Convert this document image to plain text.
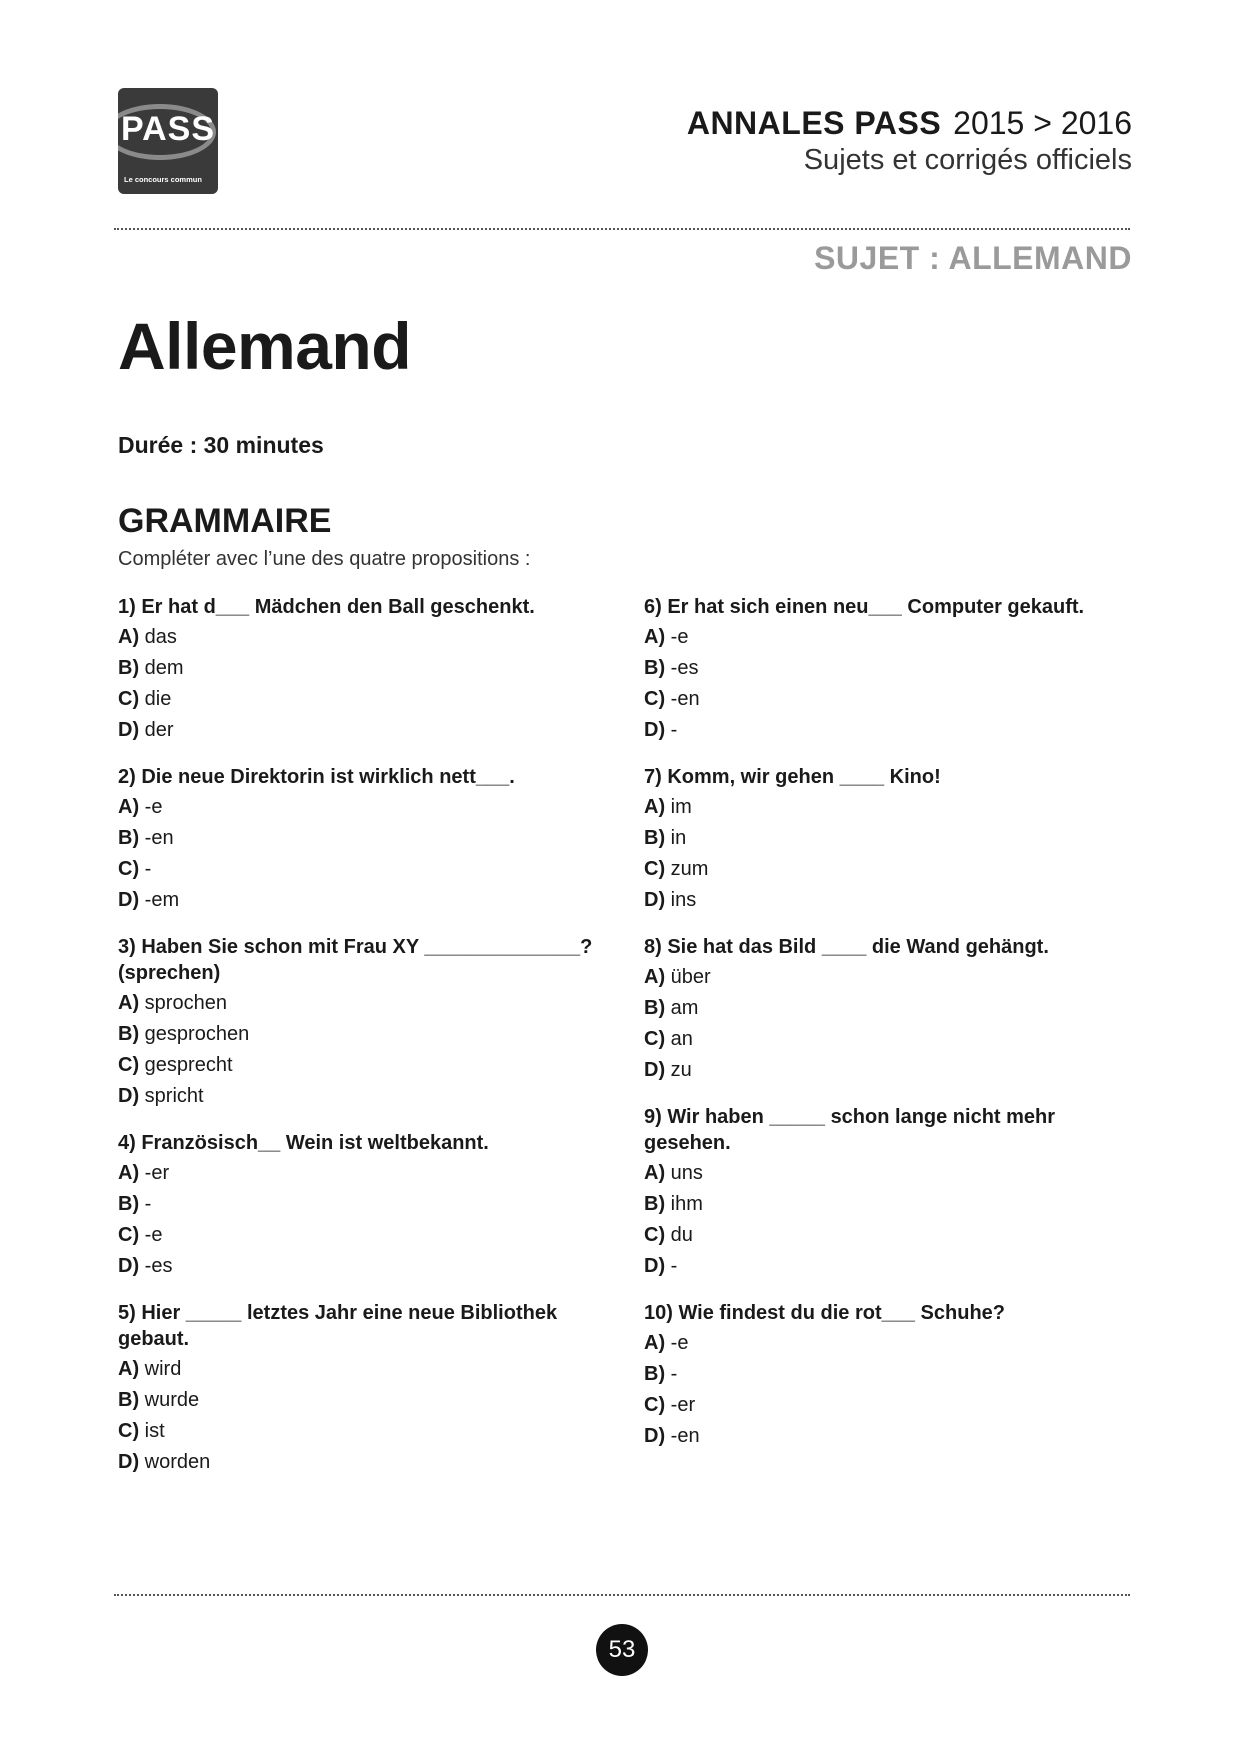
PASS
Le concours commun
ANNALES PASS 2015 > 2016
Sujets et corrigés officiels
SUJET : ALLEMAND
Allemand
Durée : 30 minutes
GRAMMAIRE
Compléter avec l’une des quatre propositions :
1) Er hat d___ Mädchen den Ball geschenkt.
A) das
B) dem
C) die
D) der
2) Die neue Direktorin ist wirklich nett___.
A) -e
B) -en
C) -
D) -em
3) Haben Sie schon mit Frau XY ______________? (sprechen)
A) sprochen
B) gesprochen
C) gesprecht
D) spricht
4) Französisch__ Wein ist weltbekannt.
A) -er
B) -
C) -e
D) -es
5) Hier _____ letztes Jahr eine neue Bibliothek gebaut.
A) wird
B) wurde
C) ist
D) worden
6) Er hat sich einen neu___ Computer gekauft.
A) -e
B) -es
C) -en
D) -
7) Komm, wir gehen ____ Kino!
A) im
B) in
C) zum
D) ins
8) Sie hat das Bild ____ die Wand gehängt.
A) über
B) am
C) an
D) zu
9) Wir haben _____ schon lange nicht mehr gesehen.
A) uns
B) ihm
C) du
D) -
10) Wie findest du die rot___ Schuhe?
A) -e
B) -
C) -er
D) -en
53
